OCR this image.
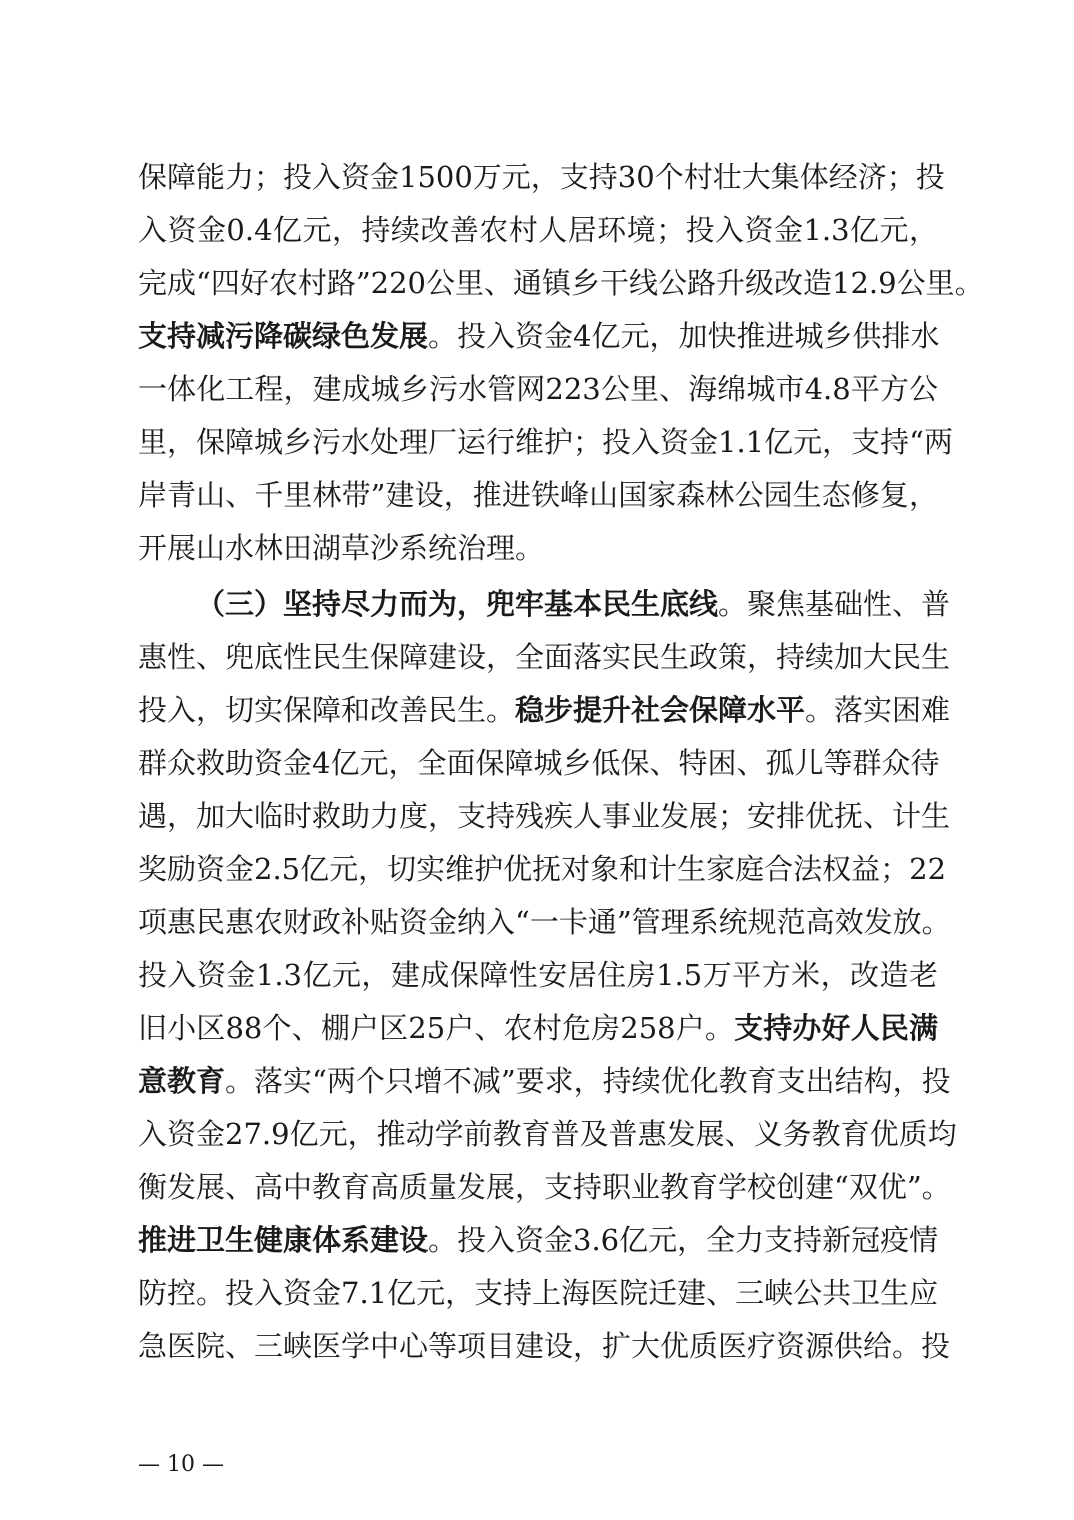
保障能力；投入资金1500万元，支持30个村壮大集体经济；投
入资金0.4亿元，持续改善农村人居环境；投入资金1.3亿元，
完成“四好农村路”220公里、通镇乡干线公路升级改造12.9公里。
支持减污降碳绿色发展。投入资金4亿元，加快推进城乡供排水
一体化工程，建成城乡污水管网223公里、海绵城市4.8平方公
里，保障城乡污水处理厂运行维护；投入资金1.1亿元，支持“两
岸青山、千里林带”建设，推进铁峰山国家森林公园生态修复，
开展山水林田湖草沙系统治理。
（三）坚持尽力而为，兜牢基本民生底线。聚焦基础性、普
惠性、兜底性民生保障建设，全面落实民生政策，持续加大民生
投入，切实保障和改善民生。稳步提升社会保障水平。落实困难
群众救助资金4亿元，全面保障城乡低保、特困、孤儿等群众待
遇，加大临时救助力度，支持残疾人事业发展；安排优抚、计生
奖励资金2.5亿元，切实维护优抚对象和计生家庭合法权益；22
项惠民惠农财政补贴资金纳入“一卡通”管理系统规范高效发放。
投入资金1.3亿元，建成保障性安居住房1.5万平方米，改造老
旧小区88个、棚户区25户、农村危房258户。支持办好人民满
意教育。落实“两个只增不减”要求，持续优化教育支出结构，投
入资金27.9亿元，推动学前教育普及普惠发展、义务教育优质均
衡发展、高中教育高质量发展，支持职业教育学校创建“双优”。
推进卫生健康体系建设。投入资金3.6亿元，全力支持新冠疫情
防控。投入资金7.1亿元，支持上海医院迁建、三峡公共卫生应
急医院、三峡医学中心等项目建设，扩大优质医疗资源供给。投
— 10 —
